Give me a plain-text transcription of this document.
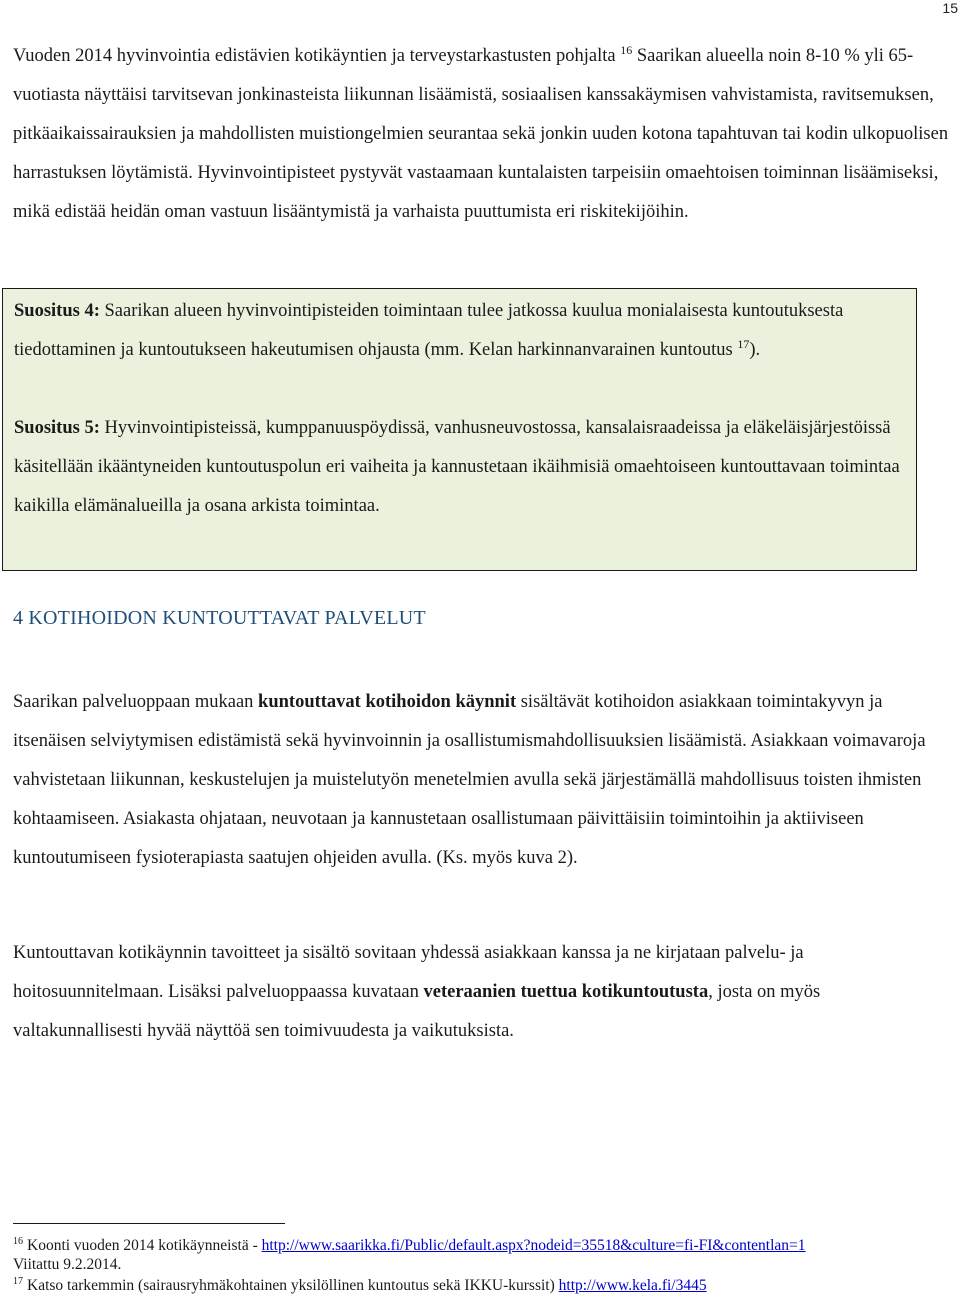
15

Vuoden 2014 hyvinvointia edistävien kotikäyntien ja terveystarkastusten pohjalta $^{16}$ Saarikan alueella noin 8-10 % yli 65-vuotiasta näyttäisi tarvitsevan jonkinasteista liikunnan lisäämistä, sosiaalisen kanssakäymisen vahvistamista, ravitsemuksen, pitkäaikaissairauksien ja mahdollisten muistiongelmien seurantaa sekä jonkin uuden kotona tapahtuvan tai kodin ulkopuolisen harrastuksen löytämistä. Hyvinvointipisteet pystyvät vastaamaan kuntalaisten tarpeisiin omaehtoisen toiminnan lisäämiseksi, mikä edistää heidän oman vastuun lisääntymistä ja varhaista puuttumista eri riskitekijöihin.

Suositus 4: Saarikan alueen hyvinvointipisteiden toimintaan tulee jatkossa kuulua monialaisesta kuntoutuksesta tiedottaminen ja kuntoutukseen hakeutumisen ohjausta (mm. Kelan harkinnanvarainen kuntoutus $^{17}$).

Suositus 5: Hyvinvointipisteissä, kumppanuuspöydissä, vanhusneuvostossa, kansalaisraadeissa ja eläkeläisjärjestöissä käsitellään ikääntyneiden kuntoutuspolun eri vaiheita ja kannustetaan ikäihmisiä omaehtoiseen kuntouttavaan toimintaa kaikilla elämänalueilla ja osana arkista toimintaa.

4 KOTIHOIDON KUNTOUTTAVAT PALVELUT

Saarikan palveluoppaan mukaan kuntouttavat kotihoidon käynnit sisältävät kotihoidon asiakkaan toimintakyvyn ja itsenäisen selviytymisen edistämistä sekä hyvinvoinnin ja osallistumismahdollisuuksien lisäämistä. Asiakkaan voimavaroja vahvistetaan liikunnan, keskustelujen ja muistelutyön menetelmien avulla sekä järjestämällä mahdollisuus toisten ihmisten kohtaamiseen. Asiakasta ohjataan, neuvotaan ja kannustetaan osallistumaan päivittäisiin toimintoihin ja aktiiviseen kuntoutumiseen fysioterapiasta saatujen ohjeiden avulla. (Ks. myös kuva 2).

Kuntouttavan kotikäynnin tavoitteet ja sisältö sovitaan yhdessä asiakkaan kanssa ja ne kirjataan palvelu- ja hoitosuunnitelmaan. Lisäksi palveluoppaassa kuvataan veteraanien tuettua kotikuntoutusta, josta on myös valtakunnallisesti hyvää näyttöä sen toimivuudesta ja vaikutuksista.

$^{16}$ Koonti vuoden 2014 kotikäynneistä - http://www.saarikka.fi/Public/default.aspx?nodeid=35518&culture=fi-FI&contentlan=1
Viitattu 9.2.2014.

$^{17}$ Katso tarkemmin (sairausryhmäkohtainen yksilöllinen kuntoutus sekä IKKU-kurssit) http://www.kela.fi/3445
